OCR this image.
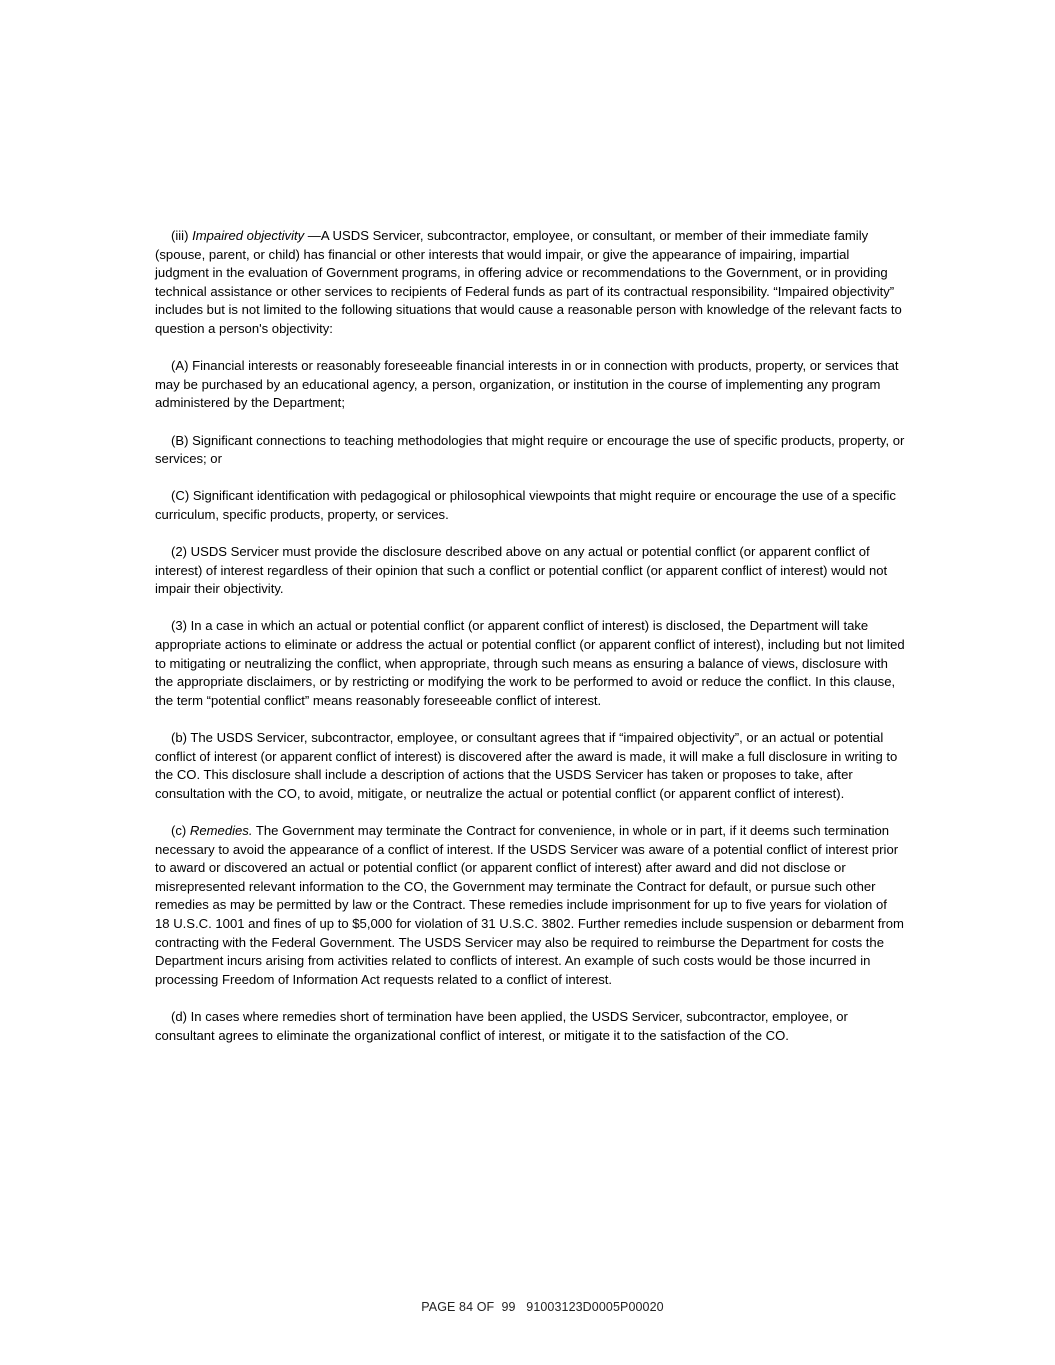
(iii) Impaired objectivity —A USDS Servicer, subcontractor, employee, or consultant, or member of their immediate family (spouse, parent, or child) has financial or other interests that would impair, or give the appearance of impairing, impartial judgment in the evaluation of Government programs, in offering advice or recommendations to the Government, or in providing technical assistance or other services to recipients of Federal funds as part of its contractual responsibility. “Impaired objectivity” includes but is not limited to the following situations that would cause a reasonable person with knowledge of the relevant facts to question a person's objectivity:

(A) Financial interests or reasonably foreseeable financial interests in or in connection with products, property, or services that may be purchased by an educational agency, a person, organization, or institution in the course of implementing any program administered by the Department;

(B) Significant connections to teaching methodologies that might require or encourage the use of specific products, property, or services; or

(C) Significant identification with pedagogical or philosophical viewpoints that might require or encourage the use of a specific curriculum, specific products, property, or services.

(2) USDS Servicer must provide the disclosure described above on any actual or potential conflict (or apparent conflict of interest) of interest regardless of their opinion that such a conflict or potential conflict (or apparent conflict of interest) would not impair their objectivity.

(3) In a case in which an actual or potential conflict (or apparent conflict of interest) is disclosed, the Department will take appropriate actions to eliminate or address the actual or potential conflict (or apparent conflict of interest), including but not limited to mitigating or neutralizing the conflict, when appropriate, through such means as ensuring a balance of views, disclosure with the appropriate disclaimers, or by restricting or modifying the work to be performed to avoid or reduce the conflict. In this clause, the term “potential conflict” means reasonably foreseeable conflict of interest.

(b) The USDS Servicer, subcontractor, employee, or consultant agrees that if “impaired objectivity”, or an actual or potential conflict of interest (or apparent conflict of interest) is discovered after the award is made, it will make a full disclosure in writing to the CO. This disclosure shall include a description of actions that the USDS Servicer has taken or proposes to take, after consultation with the CO, to avoid, mitigate, or neutralize the actual or potential conflict (or apparent conflict of interest).

(c) Remedies. The Government may terminate the Contract for convenience, in whole or in part, if it deems such termination necessary to avoid the appearance of a conflict of interest. If the USDS Servicer was aware of a potential conflict of interest prior to award or discovered an actual or potential conflict (or apparent conflict of interest) after award and did not disclose or misrepresented relevant information to the CO, the Government may terminate the Contract for default, or pursue such other remedies as may be permitted by law or the Contract. These remedies include imprisonment for up to five years for violation of 18 U.S.C. 1001 and fines of up to $5,000 for violation of 31 U.S.C. 3802. Further remedies include suspension or debarment from contracting with the Federal Government. The USDS Servicer may also be required to reimburse the Department for costs the Department incurs arising from activities related to conflicts of interest. An example of such costs would be those incurred in processing Freedom of Information Act requests related to a conflict of interest.

(d) In cases where remedies short of termination have been applied, the USDS Servicer, subcontractor, employee, or consultant agrees to eliminate the organizational conflict of interest, or mitigate it to the satisfaction of the CO.

PAGE 84 OF  99   91003123D0005P00020
